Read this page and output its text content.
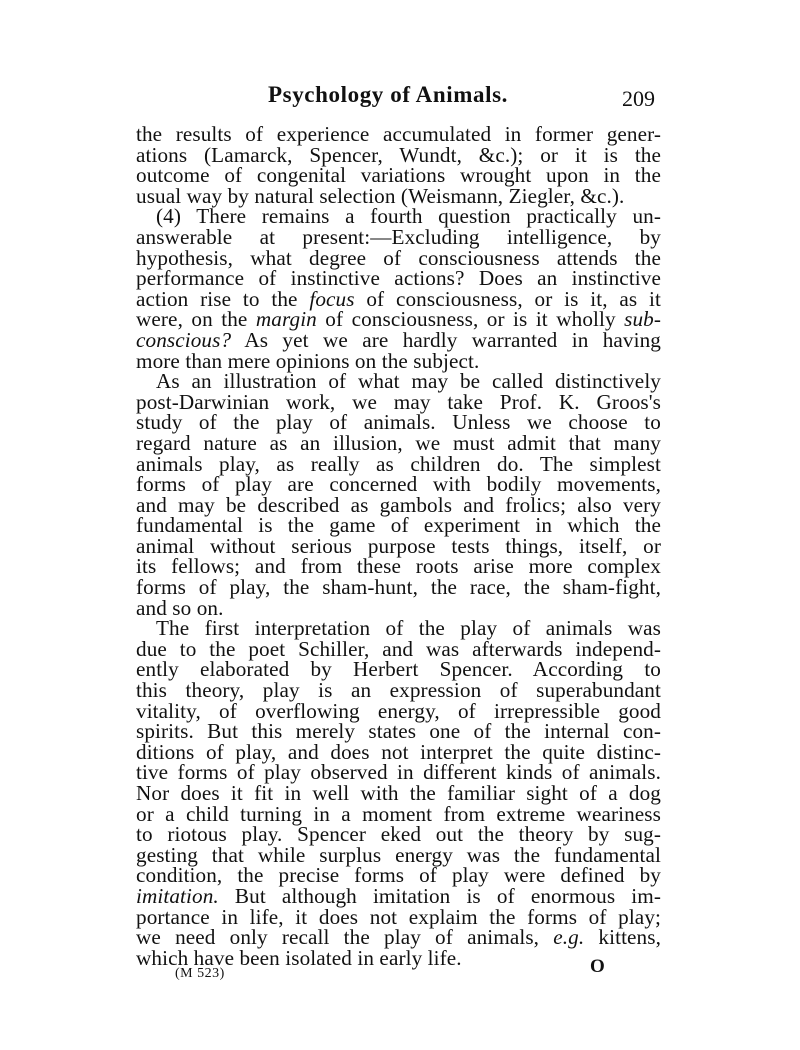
Psychology of Animals.	209
the results of experience accumulated in former gener-
ations (Lamarck, Spencer, Wundt, &c.); or it is the
outcome of congenital variations wrought upon in the
usual way by natural selection (Weismann, Ziegler, &c.).
(4) There remains a fourth question practically un-
answerable at present:—Excluding intelligence, by
hypothesis, what degree of consciousness attends the
performance of instinctive actions? Does an instinctive
action rise to the focus of consciousness, or is it, as it
were, on the margin of consciousness, or is it wholly sub-
conscious? As yet we are hardly warranted in having
more than mere opinions on the subject.
As an illustration of what may be called distinctively
post-Darwinian work, we may take Prof. K. Groos's
study of the play of animals. Unless we choose to
regard nature as an illusion, we must admit that many
animals play, as really as children do. The simplest
forms of play are concerned with bodily movements,
and may be described as gambols and frolics; also very
fundamental is the game of experiment in which the
animal without serious purpose tests things, itself, or
its fellows; and from these roots arise more complex
forms of play, the sham-hunt, the race, the sham-fight,
and so on.
The first interpretation of the play of animals was
due to the poet Schiller, and was afterwards independ-
ently elaborated by Herbert Spencer. According to
this theory, play is an expression of superabundant
vitality, of overflowing energy, of irrepressible good
spirits. But this merely states one of the internal con-
ditions of play, and does not interpret the quite distinc-
tive forms of play observed in different kinds of animals.
Nor does it fit in well with the familiar sight of a dog
or a child turning in a moment from extreme weariness
to riotous play. Spencer eked out the theory by sug-
gesting that while surplus energy was the fundamental
condition, the precise forms of play were defined by
imitation. But although imitation is of enormous im-
portance in life, it does not explaim the forms of play;
we need only recall the play of animals, e.g. kittens,
which have been isolated in early life.
(M 523)	O
